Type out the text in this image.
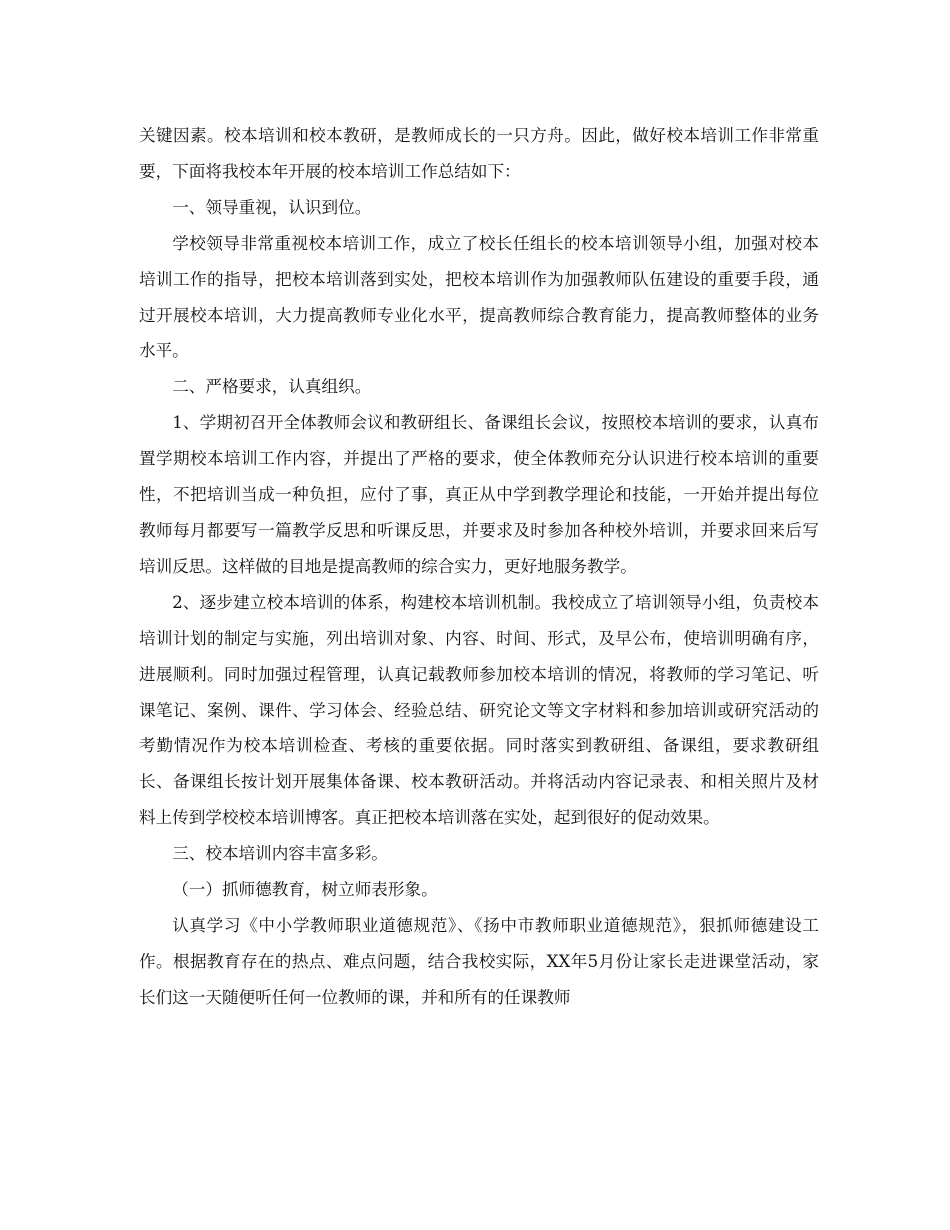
关键因素。校本培训和校本教研，是教师成长的一只方舟。因此，做好校本培训工作非常重要，下面将我校本年开展的校本培训工作总结如下：

一、领导重视，认识到位。

学校领导非常重视校本培训工作，成立了校长任组长的校本培训领导小组，加强对校本培训工作的指导，把校本培训落到实处，把校本培训作为加强教师队伍建设的重要手段，通过开展校本培训，大力提高教师专业化水平，提高教师综合教育能力，提高教师整体的业务水平。

二、严格要求，认真组织。

1、学期初召开全体教师会议和教研组长、备课组长会议，按照校本培训的要求，认真布置学期校本培训工作内容，并提出了严格的要求，使全体教师充分认识进行校本培训的重要性，不把培训当成一种负担，应付了事，真正从中学到教学理论和技能，一开始并提出每位教师每月都要写一篇教学反思和听课反思，并要求及时参加各种校外培训，并要求回来后写培训反思。这样做的目地是提高教师的综合实力，更好地服务教学。

2、逐步建立校本培训的体系，构建校本培训机制。我校成立了培训领导小组，负责校本培训计划的制定与实施，列出培训对象、内容、时间、形式，及早公布，使培训明确有序，进展顺利。同时加强过程管理，认真记载教师参加校本培训的情况，将教师的学习笔记、听课笔记、案例、课件、学习体会、经验总结、研究论文等文字材料和参加培训或研究活动的考勤情况作为校本培训检查、考核的重要依据。同时落实到教研组、备课组，要求教研组长、备课组长按计划开展集体备课、校本教研活动。并将活动内容记录表、和相关照片及材料上传到学校校本培训博客。真正把校本培训落在实处，起到很好的促动效果。

三、校本培训内容丰富多彩。

（一）抓师德教育，树立师表形象。

认真学习《中小学教师职业道德规范》、《扬中市教师职业道德规范》，狠抓师德建设工作。根据教育存在的热点、难点问题，结合我校实际，XX年5月份让家长走进课堂活动，家长们这一天随便听任何一位教师的课，并和所有的任课教师
